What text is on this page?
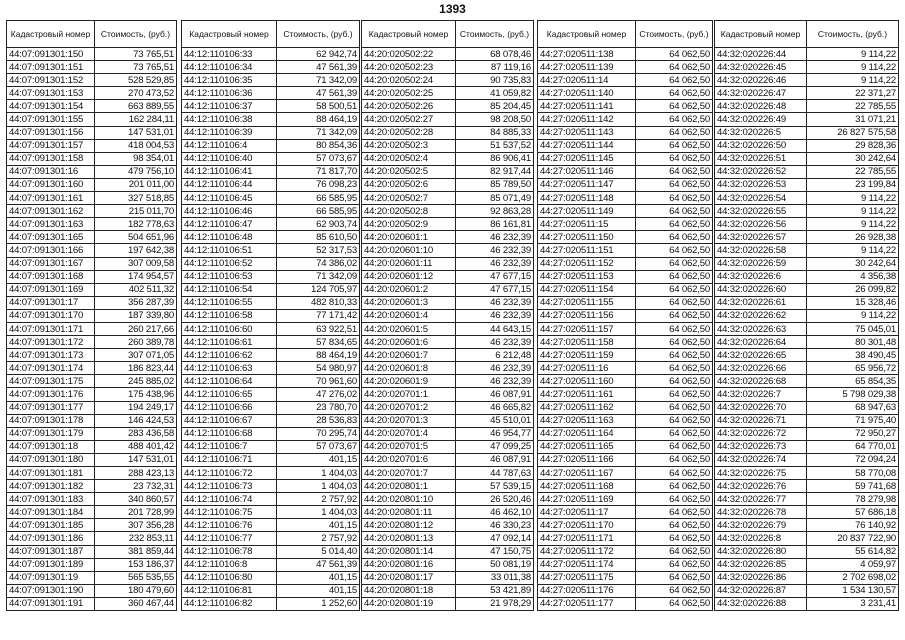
1393
Кадастровый номер	Стоимость, (руб.)
44:07:091301:150	73 765,51
44:07:091301:151	73 765,51
44:07:091301:152	528 529,85
44:07:091301:153	270 473,52
44:07:091301:154	663 889,55
44:07:091301:155	162 284,11
44:07:091301:156	147 531,01
44:07:091301:157	418 004,53
44:07:091301:158	98 354,01
44:07:091301:16	479 756,10
44:07:091301:160	201 011,00
44:07:091301:161	327 518,85
44:07:091301:162	215 011,70
44:07:091301:163	182 778,63
44:07:091301:165	504 651,96
44:07:091301:166	197 642,38
44:07:091301:167	307 009,58
44:07:091301:168	174 954,57
44:07:091301:169	402 511,32
44:07:091301:17	356 287,39
44:07:091301:170	187 339,80
44:07:091301:171	260 217,66
44:07:091301:172	260 389,78
44:07:091301:173	307 071,05
44:07:091301:174	186 823,44
44:07:091301:175	245 885,02
44:07:091301:176	175 438,96
44:07:091301:177	194 249,17
44:07:091301:178	146 424,53
44:07:091301:179	283 436,58
44:07:091301:18	488 401,42
44:07:091301:180	147 531,01
44:07:091301:181	288 423,13
44:07:091301:182	23 732,31
44:07:091301:183	340 860,57
44:07:091301:184	201 728,99
44:07:091301:185	307 356,28
44:07:091301:186	232 853,11
44:07:091301:187	381 859,44
44:07:091301:189	153 186,37
44:07:091301:19	565 535,55
44:07:091301:190	180 479,60
44:07:091301:191	360 467,44
Кадастровый номер	Стоимость, (руб.)
44:12:110106:33	62 942,74
44:12:110106:34	47 561,39
44:12:110106:35	71 342,09
44:12:110106:36	47 561,39
44:12:110106:37	58 500,51
44:12:110106:38	88 464,19
44:12:110106:39	71 342,09
44:12:110106:4	80 854,36
44:12:110106:40	57 073,67
44:12:110106:41	71 817,70
44:12:110106:44	76 098,23
44:12:110106:45	66 585,95
44:12:110106:46	66 585,95
44:12:110106:47	62 903,74
44:12:110106:48	85 610,50
44:12:110106:51	52 317,53
44:12:110106:52	74 386,02
44:12:110106:53	71 342,09
44:12:110106:54	124 705,97
44:12:110106:55	482 810,33
44:12:110106:58	77 171,42
44:12:110106:60	63 922,51
44:12:110106:61	57 834,65
44:12:110106:62	88 464,19
44:12:110106:63	54 980,97
44:12:110106:64	70 961,60
44:12:110106:65	47 276,02
44:12:110106:66	23 780,70
44:12:110106:67	28 536,83
44:12:110106:68	70 295,74
44:12:110106:7	57 073,67
44:12:110106:71	401,15
44:12:110106:72	1 404,03
44:12:110106:73	1 404,03
44:12:110106:74	2 757,92
44:12:110106:75	1 404,03
44:12:110106:76	401,15
44:12:110106:77	2 757,92
44:12:110106:78	5 014,40
44:12:110106:8	47 561,39
44:12:110106:80	401,15
44:12:110106:81	401,15
44:12:110106:82	1 252,60
Кадастровый номер	Стоимость, (руб.)
44:20:020502:22	68 078,46
44:20:020502:23	87 119,16
44:20:020502:24	90 735,83
44:20:020502:25	41 059,82
44:20:020502:26	85 204,45
44:20:020502:27	98 208,50
44:20:020502:28	84 885,33
44:20:020502:3	51 537,52
44:20:020502:4	86 906,41
44:20:020502:5	82 917,44
44:20:020502:6	85 789,50
44:20:020502:7	85 071,49
44:20:020502:8	92 863,28
44:20:020502:9	86 161,81
44:20:020601:1	46 232,39
44:20:020601:10	46 232,39
44:20:020601:11	46 232,39
44:20:020601:12	47 677,15
44:20:020601:2	47 677,15
44:20:020601:3	46 232,39
44:20:020601:4	46 232,39
44:20:020601:5	44 643,15
44:20:020601:6	46 232,39
44:20:020601:7	6 212,48
44:20:020601:8	46 232,39
44:20:020601:9	46 232,39
44:20:020701:1	46 087,91
44:20:020701:2	46 665,82
44:20:020701:3	45 510,01
44:20:020701:4	46 954,77
44:20:020701:5	47 099,25
44:20:020701:6	46 087,91
44:20:020701:7	44 787,63
44:20:020801:1	57 539,15
44:20:020801:10	26 520,46
44:20:020801:11	46 462,10
44:20:020801:12	46 330,23
44:20:020801:13	47 092,14
44:20:020801:14	47 150,75
44:20:020801:16	50 081,19
44:20:020801:17	33 011,38
44:20:020801:18	53 421,89
44:20:020801:19	21 978,29
Кадастровый номер	Стоимость, (руб.)
44:27:020511:138	64 062,50
44:27:020511:139	64 062,50
44:27:020511:14	64 062,50
44:27:020511:140	64 062,50
44:27:020511:141	64 062,50
44:27:020511:142	64 062,50
44:27:020511:143	64 062,50
44:27:020511:144	64 062,50
44:27:020511:145	64 062,50
44:27:020511:146	64 062,50
44:27:020511:147	64 062,50
44:27:020511:148	64 062,50
44:27:020511:149	64 062,50
44:27:020511:15	64 062,50
44:27:020511:150	64 062,50
44:27:020511:151	64 062,50
44:27:020511:152	64 062,50
44:27:020511:153	64 062,50
44:27:020511:154	64 062,50
44:27:020511:155	64 062,50
44:27:020511:156	64 062,50
44:27:020511:157	64 062,50
44:27:020511:158	64 062,50
44:27:020511:159	64 062,50
44:27:020511:16	64 062,50
44:27:020511:160	64 062,50
44:27:020511:161	64 062,50
44:27:020511:162	64 062,50
44:27:020511:163	64 062,50
44:27:020511:164	64 062,50
44:27:020511:165	64 062,50
44:27:020511:166	64 062,50
44:27:020511:167	64 062,50
44:27:020511:168	64 062,50
44:27:020511:169	64 062,50
44:27:020511:17	64 062,50
44:27:020511:170	64 062,50
44:27:020511:171	64 062,50
44:27:020511:172	64 062,50
44:27:020511:174	64 062,50
44:27:020511:175	64 062,50
44:27:020511:176	64 062,50
44:27:020511:177	64 062,50
Кадастровый номер	Стоимость, (руб.)
44:32:020226:44	9 114,22
44:32:020226:45	9 114,22
44:32:020226:46	9 114,22
44:32:020226:47	22 371,27
44:32:020226:48	22 785,55
44:32:020226:49	31 071,21
44:32:020226:5	26 827 575,58
44:32:020226:50	29 828,36
44:32:020226:51	30 242,64
44:32:020226:52	22 785,55
44:32:020226:53	23 199,84
44:32:020226:54	9 114,22
44:32:020226:55	9 114,22
44:32:020226:56	9 114,22
44:32:020226:57	26 928,38
44:32:020226:58	9 114,22
44:32:020226:59	30 242,64
44:32:020226:6	4 356,38
44:32:020226:60	26 099,82
44:32:020226:61	15 328,46
44:32:020226:62	9 114,22
44:32:020226:63	75 045,01
44:32:020226:64	80 301,48
44:32:020226:65	38 490,45
44:32:020226:66	65 956,72
44:32:020226:68	65 854,35
44:32:020226:7	5 798 029,38
44:32:020226:70	68 947,63
44:32:020226:71	71 975,40
44:32:020226:72	72 950,27
44:32:020226:73	64 770,01
44:32:020226:74	72 094,24
44:32:020226:75	58 770,08
44:32:020226:76	59 741,68
44:32:020226:77	78 279,98
44:32:020226:78	57 686,18
44:32:020226:79	76 140,92
44:32:020226:8	20 837 722,90
44:32:020226:80	55 614,82
44:32:020226:85	4 059,97
44:32:020226:86	2 702 698,02
44:32:020226:87	1 534 130,57
44:32:020226:88	3 231,41
